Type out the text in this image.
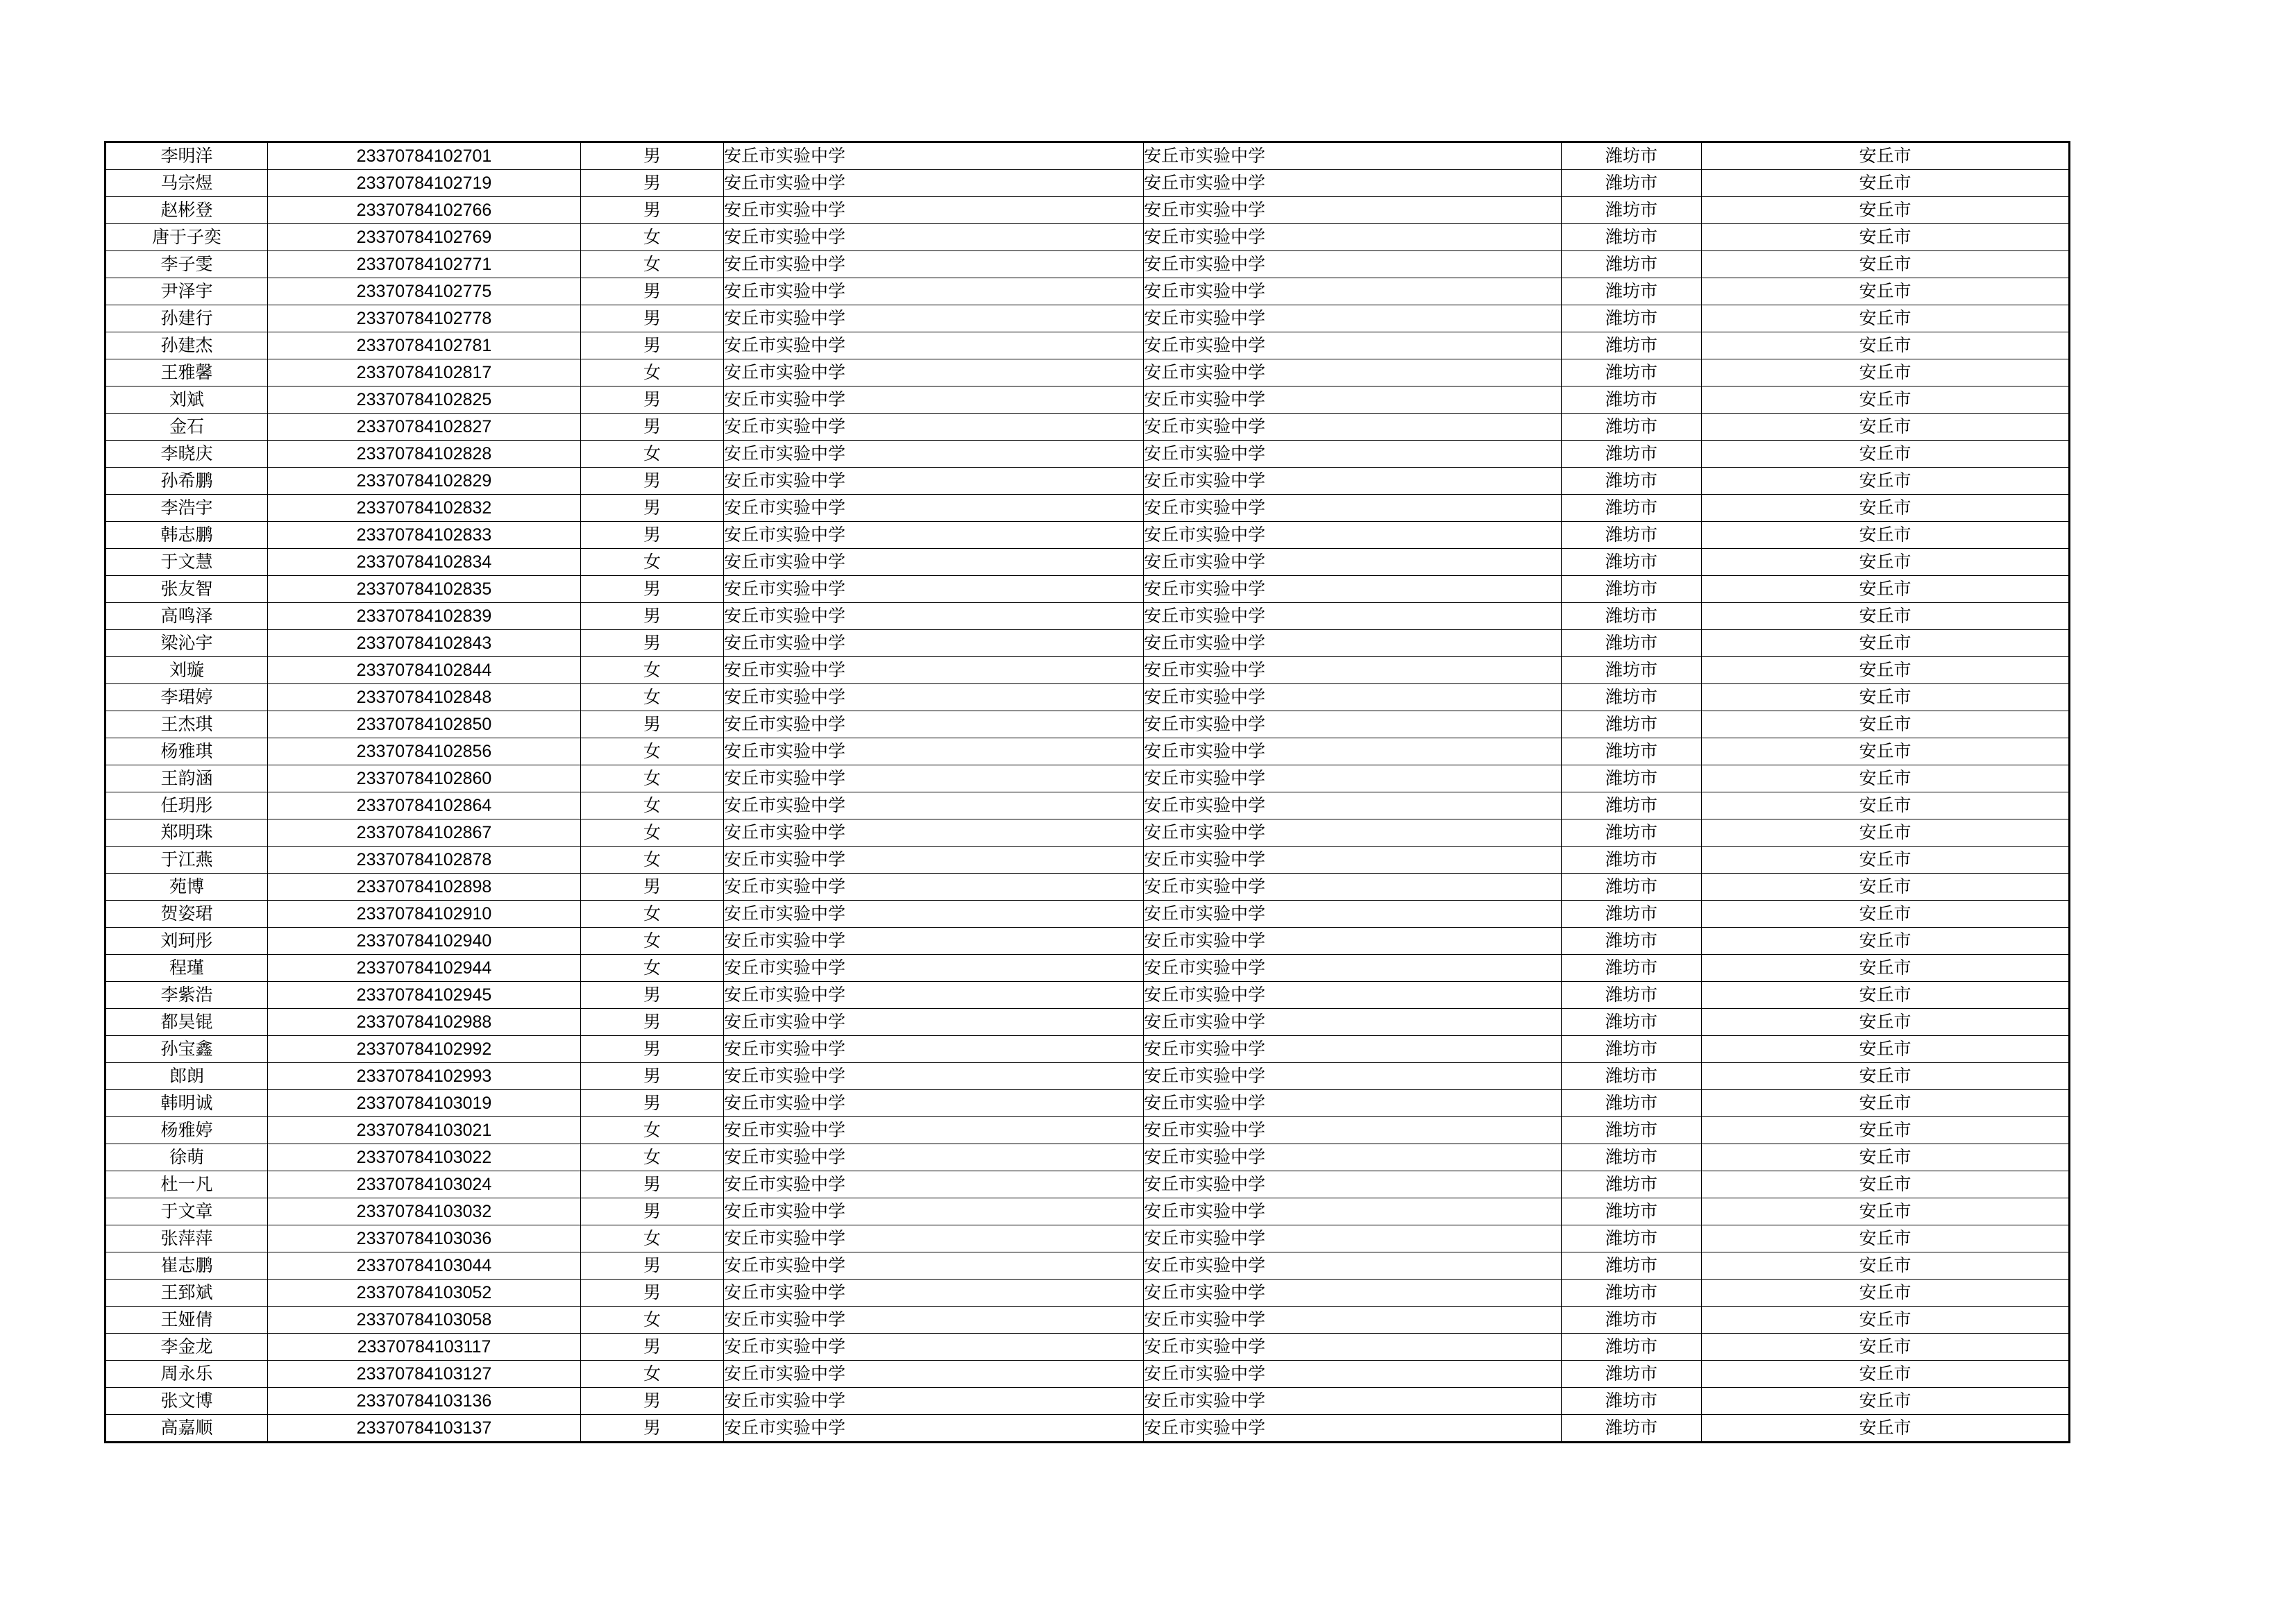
李明洋	23370784102701	男	安丘市实验中学	安丘市实验中学	潍坊市	安丘市
马宗煜	23370784102719	男	安丘市实验中学	安丘市实验中学	潍坊市	安丘市
赵彬登	23370784102766	男	安丘市实验中学	安丘市实验中学	潍坊市	安丘市
唐于子奕	23370784102769	女	安丘市实验中学	安丘市实验中学	潍坊市	安丘市
李子雯	23370784102771	女	安丘市实验中学	安丘市实验中学	潍坊市	安丘市
尹泽宇	23370784102775	男	安丘市实验中学	安丘市实验中学	潍坊市	安丘市
孙建行	23370784102778	男	安丘市实验中学	安丘市实验中学	潍坊市	安丘市
孙建杰	23370784102781	男	安丘市实验中学	安丘市实验中学	潍坊市	安丘市
王雅馨	23370784102817	女	安丘市实验中学	安丘市实验中学	潍坊市	安丘市
刘斌	23370784102825	男	安丘市实验中学	安丘市实验中学	潍坊市	安丘市
金石	23370784102827	男	安丘市实验中学	安丘市实验中学	潍坊市	安丘市
李晓庆	23370784102828	女	安丘市实验中学	安丘市实验中学	潍坊市	安丘市
孙希鹏	23370784102829	男	安丘市实验中学	安丘市实验中学	潍坊市	安丘市
李浩宇	23370784102832	男	安丘市实验中学	安丘市实验中学	潍坊市	安丘市
韩志鹏	23370784102833	男	安丘市实验中学	安丘市实验中学	潍坊市	安丘市
于文慧	23370784102834	女	安丘市实验中学	安丘市实验中学	潍坊市	安丘市
张友智	23370784102835	男	安丘市实验中学	安丘市实验中学	潍坊市	安丘市
高鸣泽	23370784102839	男	安丘市实验中学	安丘市实验中学	潍坊市	安丘市
梁沁宇	23370784102843	男	安丘市实验中学	安丘市实验中学	潍坊市	安丘市
刘璇	23370784102844	女	安丘市实验中学	安丘市实验中学	潍坊市	安丘市
李珺婷	23370784102848	女	安丘市实验中学	安丘市实验中学	潍坊市	安丘市
王杰琪	23370784102850	男	安丘市实验中学	安丘市实验中学	潍坊市	安丘市
杨雅琪	23370784102856	女	安丘市实验中学	安丘市实验中学	潍坊市	安丘市
王韵涵	23370784102860	女	安丘市实验中学	安丘市实验中学	潍坊市	安丘市
任玥彤	23370784102864	女	安丘市实验中学	安丘市实验中学	潍坊市	安丘市
郑明珠	23370784102867	女	安丘市实验中学	安丘市实验中学	潍坊市	安丘市
于江燕	23370784102878	女	安丘市实验中学	安丘市实验中学	潍坊市	安丘市
苑博	23370784102898	男	安丘市实验中学	安丘市实验中学	潍坊市	安丘市
贺姿珺	23370784102910	女	安丘市实验中学	安丘市实验中学	潍坊市	安丘市
刘珂彤	23370784102940	女	安丘市实验中学	安丘市实验中学	潍坊市	安丘市
程瑾	23370784102944	女	安丘市实验中学	安丘市实验中学	潍坊市	安丘市
李紫浩	23370784102945	男	安丘市实验中学	安丘市实验中学	潍坊市	安丘市
都昊锟	23370784102988	男	安丘市实验中学	安丘市实验中学	潍坊市	安丘市
孙宝鑫	23370784102992	男	安丘市实验中学	安丘市实验中学	潍坊市	安丘市
郎朗	23370784102993	男	安丘市实验中学	安丘市实验中学	潍坊市	安丘市
韩明诚	23370784103019	男	安丘市实验中学	安丘市实验中学	潍坊市	安丘市
杨雅婷	23370784103021	女	安丘市实验中学	安丘市实验中学	潍坊市	安丘市
徐萌	23370784103022	女	安丘市实验中学	安丘市实验中学	潍坊市	安丘市
杜一凡	23370784103024	男	安丘市实验中学	安丘市实验中学	潍坊市	安丘市
于文章	23370784103032	男	安丘市实验中学	安丘市实验中学	潍坊市	安丘市
张萍萍	23370784103036	女	安丘市实验中学	安丘市实验中学	潍坊市	安丘市
崔志鹏	23370784103044	男	安丘市实验中学	安丘市实验中学	潍坊市	安丘市
王郅斌	23370784103052	男	安丘市实验中学	安丘市实验中学	潍坊市	安丘市
王娅倩	23370784103058	女	安丘市实验中学	安丘市实验中学	潍坊市	安丘市
李金龙	23370784103117	男	安丘市实验中学	安丘市实验中学	潍坊市	安丘市
周永乐	23370784103127	女	安丘市实验中学	安丘市实验中学	潍坊市	安丘市
张文博	23370784103136	男	安丘市实验中学	安丘市实验中学	潍坊市	安丘市
高嘉顺	23370784103137	男	安丘市实验中学	安丘市实验中学	潍坊市	安丘市
